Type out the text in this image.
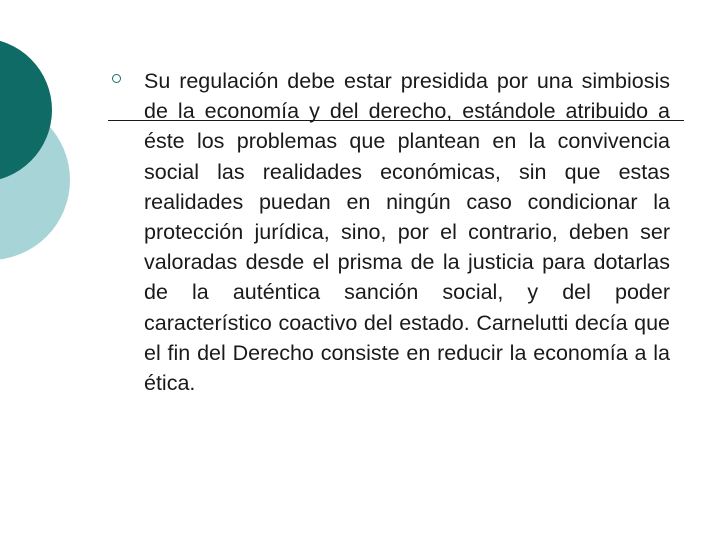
Su regulación debe estar presidida por una simbiosis de la economía y del derecho, estándole atribuido a éste los problemas que plantean en la convivencia social las realidades económicas, sin que estas realidades puedan en ningún caso condicionar la protección jurídica, sino, por el contrario, deben ser valoradas desde el prisma de la justicia para dotarlas de la auténtica sanción social, y del poder característico coactivo del estado. Carnelutti decía que el fin del Derecho consiste en reducir la economía a la ética.
